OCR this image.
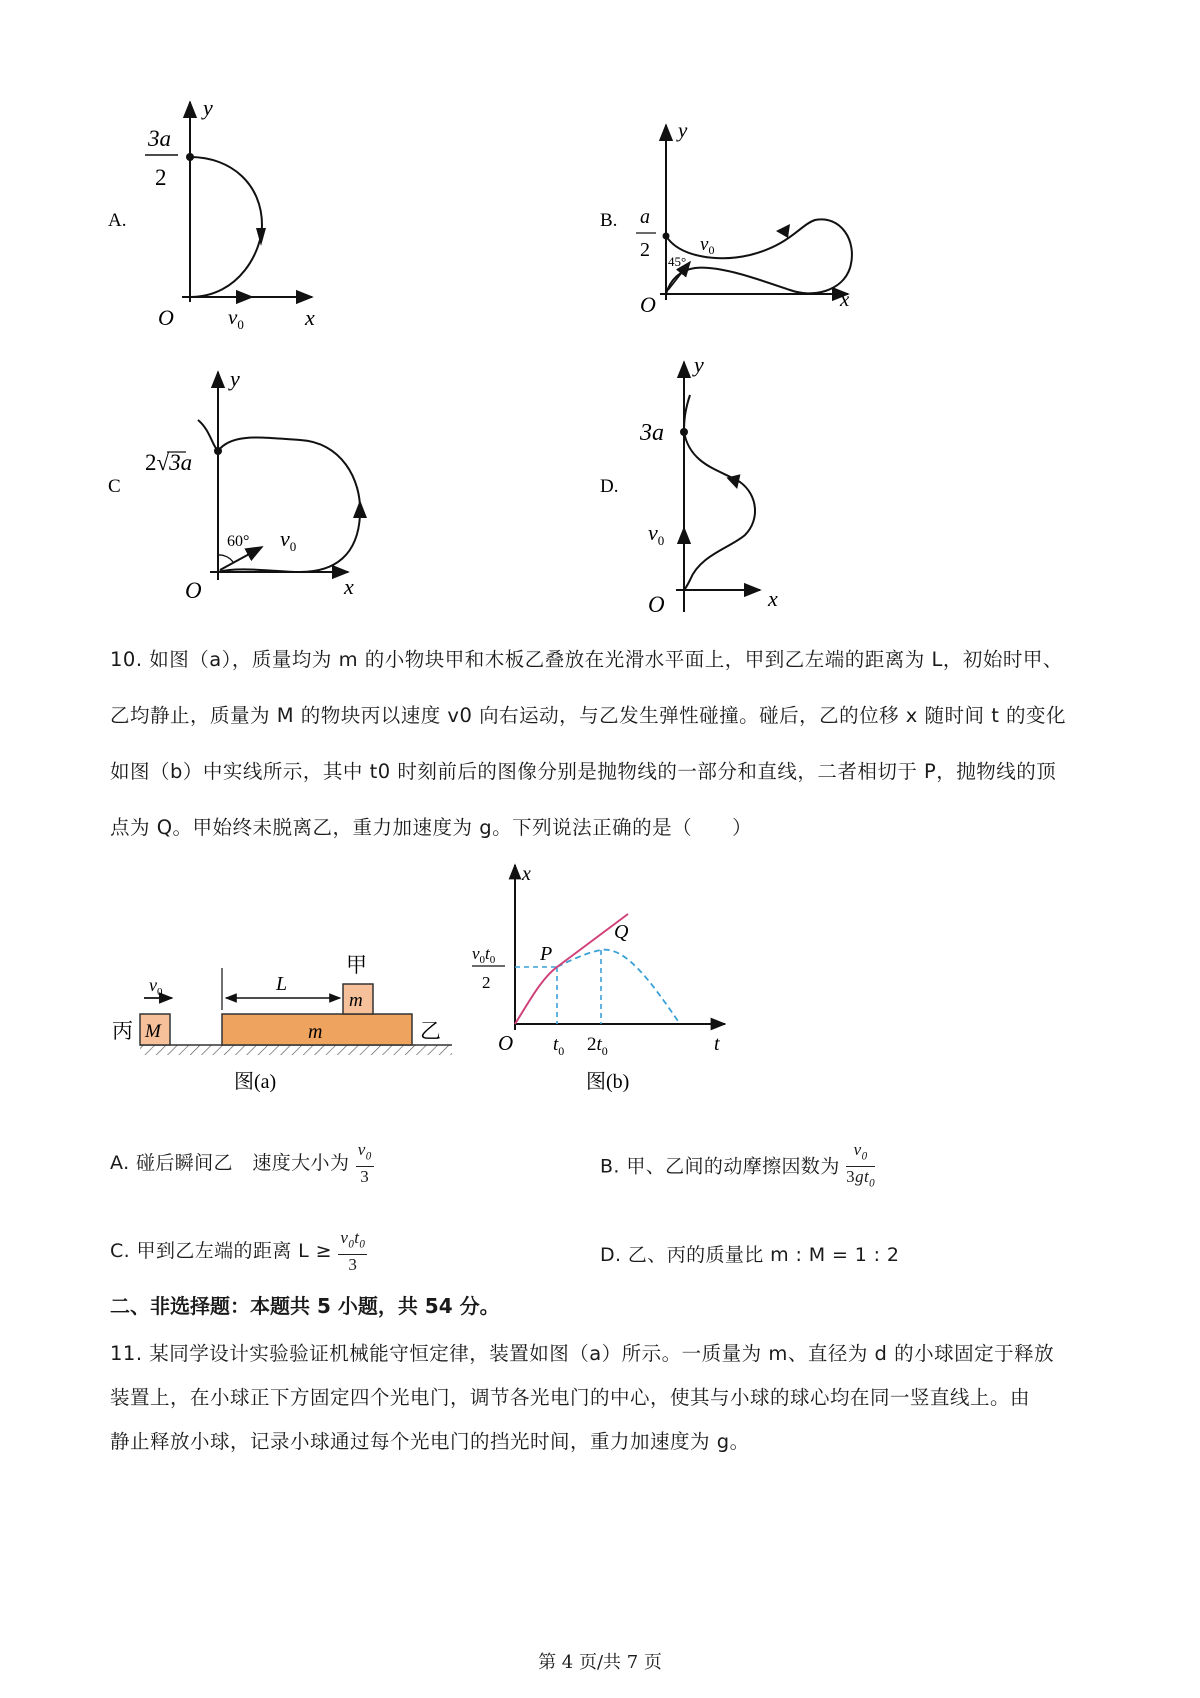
A.
y
x
O	$v_0$
3a
2
B.
y
x
O
a
2
45°
$v_0$
C
y
x
O
2√3a
60° $v_0$
D.
y
x
O
3a
$v_0$
10. 如图（a），质量均为 m 的小物块甲和木板乙叠放在光滑水平面上，甲到乙左端的距离为 L，初始时甲、
乙均静止，质量为 M 的物块丙以速度 v0 向右运动，与乙发生弹性碰撞。碰后，乙的位移 x 随时间 t 的变化
如图（b）中实线所示，其中 t0 时刻前后的图像分别是抛物线的一部分和直线，二者相切于 P，抛物线的顶
点为 Q。甲始终未脱离乙，重力加速度为 g。下列说法正确的是（　　）
M
丙
$v_0$
m	乙
m
甲
L
图(a)
x
t
O
P
Q
$t_0$ $2t_0$
$v_0t_0$
2
图(b)
A. 碰后瞬间乙　速度大小为 $\frac{v_0}{3}$	B. 甲、乙间的动摩擦因数为 $\frac{v_0}{3gt_0}$
C. 甲到乙左端的距离 $L \ge \frac{v_0t_0}{3}$	D. 乙、丙的质量比 m : M = 1 : 2
二、非选择题：本题共 5 小题，共 54 分。
11. 某同学设计实验验证机械能守恒定律，装置如图（a）所示。一质量为 m、直径为 d 的小球固定于释放
装置上，在小球正下方固定四个光电门，调节各光电门的中心，使其与小球的球心均在同一竖直线上。由
静止释放小球，记录小球通过每个光电门的挡光时间，重力加速度为 g。
第 4 页/共 7 页
